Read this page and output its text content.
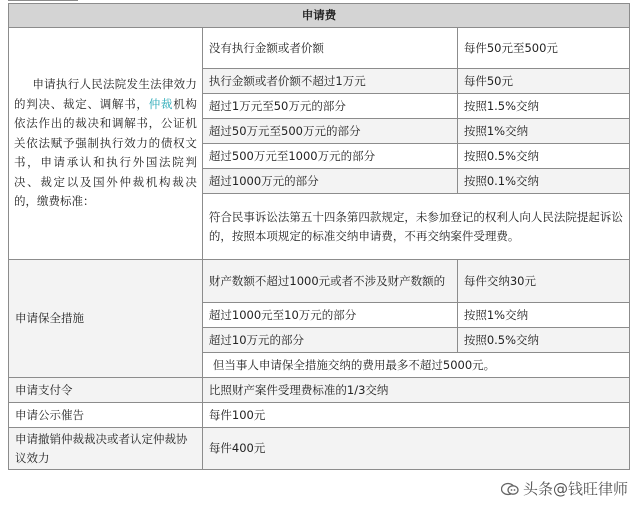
申请费		
申请执行人民法院发生法律效力的判决、裁定、调解书，仲裁机构依法作出的裁决和调解书，公证机关依法赋予强制执行效力的债权文书，申请承认和执行外国法院判决、裁定以及国外仲裁机构裁决的，缴费标准：	没有执行金额或者价额	每件50元至500元
	执行金额或者价额不超过1万元	每件50元
	超过1万元至50万元的部分	按照1.5%交纳
	超过50万元至500万元的部分	按照1%交纳
	超过500万元至1000万元的部分	按照0.5%交纳
	超过1000万元的部分	按照0.1%交纳
	符合民事诉讼法第五十四条第四款规定，未参加登记的权利人向人民法院提起诉讼的，按照本项规定的标准交纳申请费，不再交纳案件受理费。	
申请保全措施	财产数额不超过1000元或者不涉及财产数额的	每件交纳30元
	超过1000元至10万元的部分	按照1%交纳
	超过10万元的部分	按照0.5%交纳
	但当事人申请保全措施交纳的费用最多不超过5000元。	
申请支付令	比照财产案件受理费标准的1/3交纳	
申请公示催告	每件100元	
申请撤销仲裁裁决或者认定仲裁协议效力	每件400元	
头条@钱旺律师
